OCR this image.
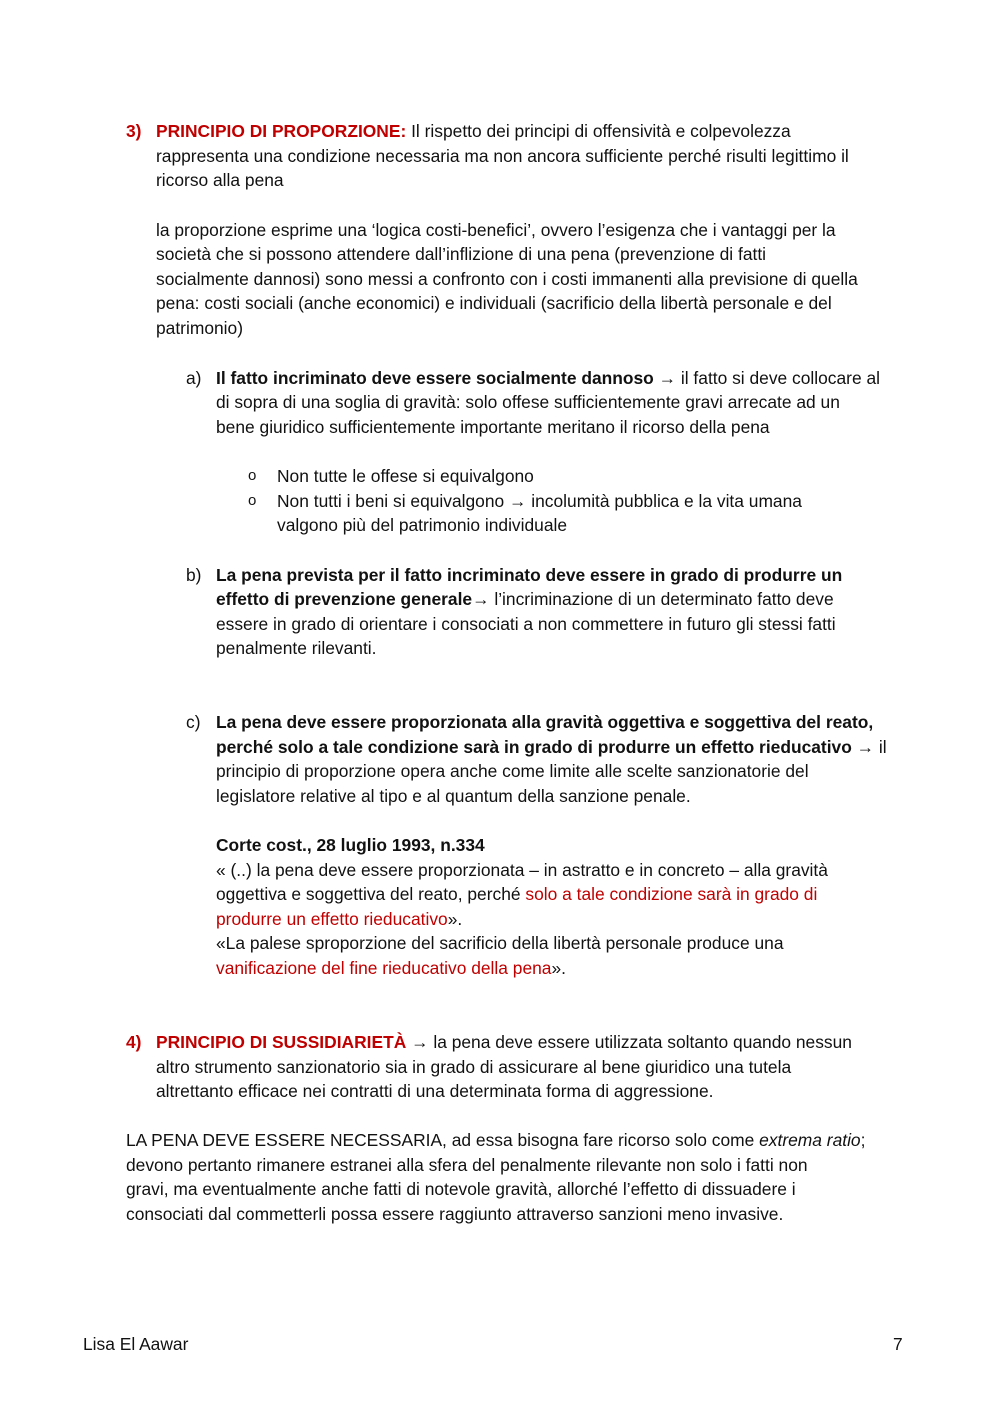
3) PRINCIPIO DI PROPORZIONE: Il rispetto dei principi di offensività e colpevolezza
rappresenta una condizione necessaria ma non ancora sufficiente perché risulti legittimo il
ricorso alla pena
la proporzione esprime una ‘logica costi-benefici’, ovvero l’esigenza che i vantaggi per la
società che si possono attendere dall’inflizione di una pena (prevenzione di fatti
socialmente dannosi) sono messi a confronto con i costi immanenti alla previsione di quella
pena: costi sociali (anche economici) e individuali (sacrificio della libertà personale e del
patrimonio)
a) Il fatto incriminato deve essere socialmente dannoso → il fatto si deve collocare al
di sopra di una soglia di gravità: solo offese sufficientemente gravi arrecate ad un
bene giuridico sufficientemente importante meritano il ricorso della pena
o Non tutte le offese si equivalgono
o Non tutti i beni si equivalgono → incolumità pubblica e la vita umana
valgono più del patrimonio individuale
b) La pena prevista per il fatto incriminato deve essere in grado di produrre un
effetto di prevenzione generale→ l’incriminazione di un determinato fatto deve
essere in grado di orientare i consociati a non commettere in futuro gli stessi fatti
penalmente rilevanti.
c) La pena deve essere proporzionata alla gravità oggettiva e soggettiva del reato,
perché solo a tale condizione sarà in grado di produrre un effetto rieducativo → il
principio di proporzione opera anche come limite alle scelte sanzionatorie del
legislatore relative al tipo e al quantum della sanzione penale.
Corte cost., 28 luglio 1993, n.334
« (..) la pena deve essere proporzionata – in astratto e in concreto – alla gravità
oggettiva e soggettiva del reato, perché solo a tale condizione sarà in grado di
produrre un effetto rieducativo».
«La palese sproporzione del sacrificio della libertà personale produce una
vanificazione del fine rieducativo della pena».
4) PRINCIPIO DI SUSSIDIARIETÀ → la pena deve essere utilizzata soltanto quando nessun
altro strumento sanzionatorio sia in grado di assicurare al bene giuridico una tutela
altrettanto efficace nei contratti di una determinata forma di aggressione.
LA PENA DEVE ESSERE NECESSARIA, ad essa bisogna fare ricorso solo come extrema ratio;
devono pertanto rimanere estranei alla sfera del penalmente rilevante non solo i fatti non
gravi, ma eventualmente anche fatti di notevole gravità, allorché l’effetto di dissuadere i
consociati dal commetterli possa essere raggiunto attraverso sanzioni meno invasive.
Lisa El Aawar	7
